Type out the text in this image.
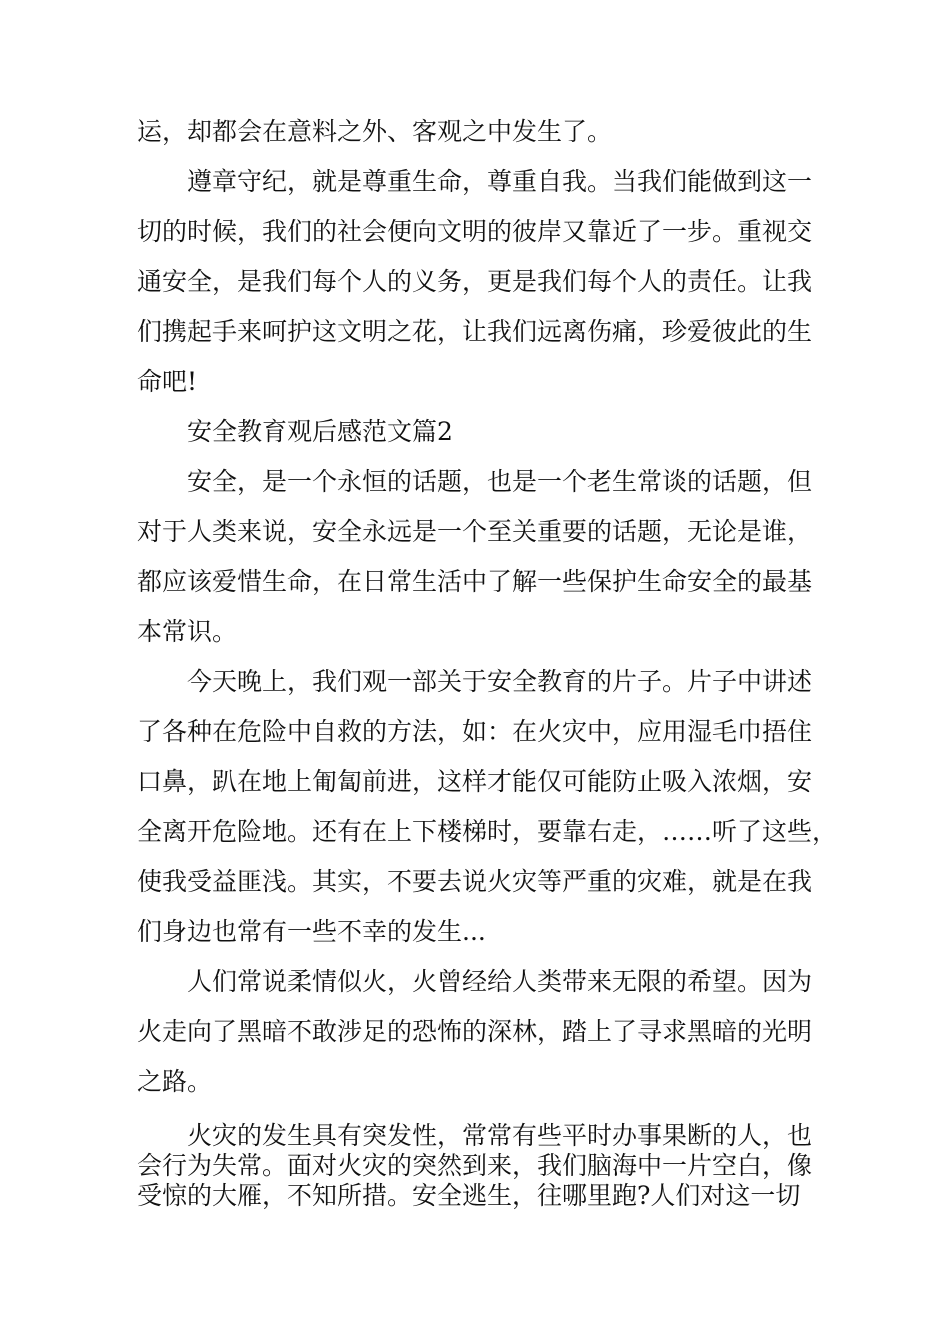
运，却都会在意料之外、客观之中发生了。
遵章守纪，就是尊重生命，尊重自我。当我们能做到这一
切的时候，我们的社会便向文明的彼岸又靠近了一步。重视交
通安全，是我们每个人的义务，更是我们每个人的责任。让我
们携起手来呵护这文明之花，让我们远离伤痛，珍爱彼此的生
命吧!
安全教育观后感范文篇2
安全，是一个永恒的话题，也是一个老生常谈的话题，但
对于人类来说，安全永远是一个至关重要的话题，无论是谁，
都应该爱惜生命，在日常生活中了解一些保护生命安全的最基
本常识。
今天晚上，我们观一部关于安全教育的片子。片子中讲述
了各种在危险中自救的方法，如：在火灾中，应用湿毛巾捂住
口鼻，趴在地上匍匐前进，这样才能仅可能防止吸入浓烟，安
全离开危险地。还有在上下楼梯时，要靠右走，……听了这些，
使我受益匪浅。其实，不要去说火灾等严重的灾难，就是在我
们身边也常有一些不幸的发生...
人们常说柔情似火，火曾经给人类带来无限的希望。因为
火走向了黑暗不敢涉足的恐怖的深林，踏上了寻求黑暗的光明
之路。
火灾的发生具有突发性，常常有些平时办事果断的人，也
会行为失常。面对火灾的突然到来，我们脑海中一片空白，像
受惊的大雁，不知所措。安全逃生，往哪里跑?人们对这一切
